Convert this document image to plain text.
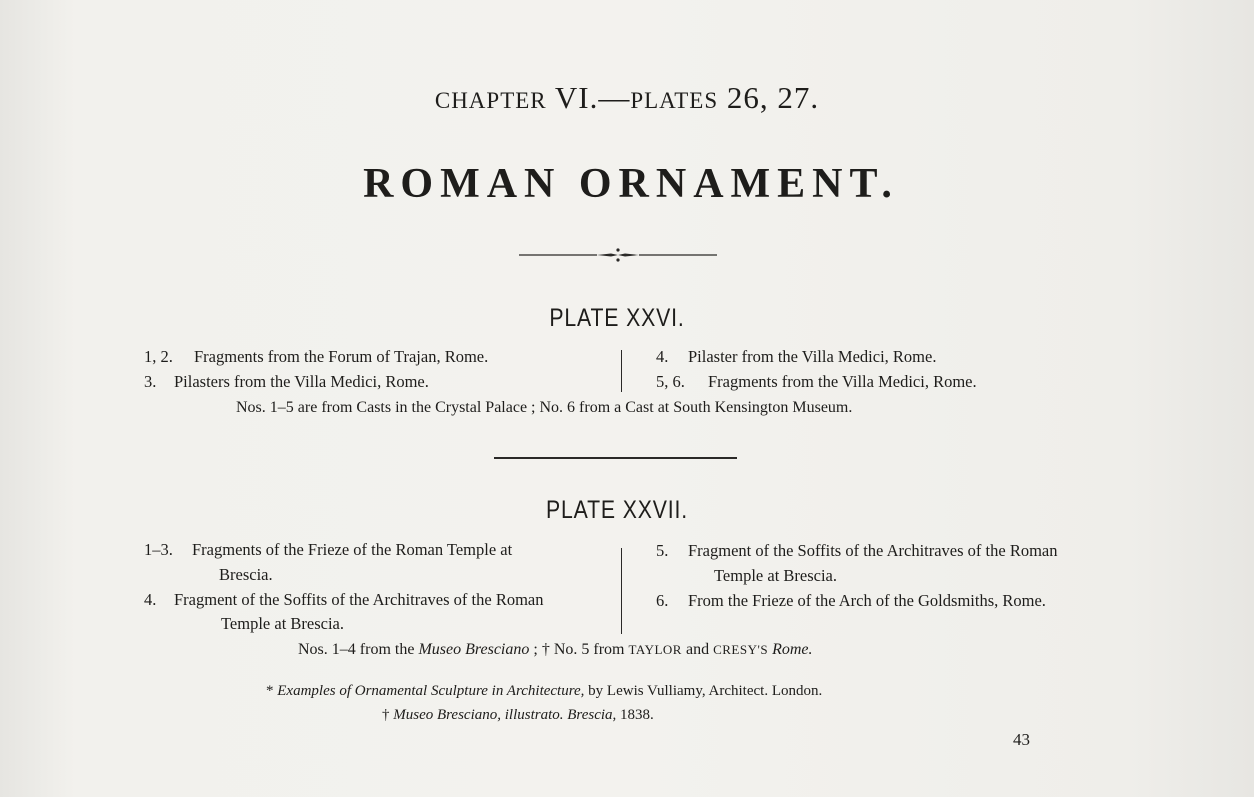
CHAPTER VI.—PLATES 26, 27.
ROMAN ORNAMENT.
PLATE XXVI.
1, 2. Fragments from the Forum of Trajan, Rome.
3. Pilasters from the Villa Medici, Rome.
4. Pilaster from the Villa Medici, Rome.
5, 6. Fragments from the Villa Medici, Rome.
Nos. 1–5 are from Casts in the Crystal Palace ; No. 6 from a Cast at South Kensington Museum.
PLATE XXVII.
1–3. Fragments of the Frieze of the Roman Temple at
Brescia.
4. Fragment of the Soffits of the Architraves of the Roman
Temple at Brescia.
5. Fragment of the Soffits of the Architraves of the Roman
Temple at Brescia.
6. From the Frieze of the Arch of the Goldsmiths, Rome.
Nos. 1–4 from the Museo Bresciano ; † No. 5 from TAYLOR and CRESY'S Rome.
* Examples of Ornamental Sculpture in Architecture, by Lewis Vulliamy, Architect. London.
† Museo Bresciano, illustrato. Brescia, 1838.
43
